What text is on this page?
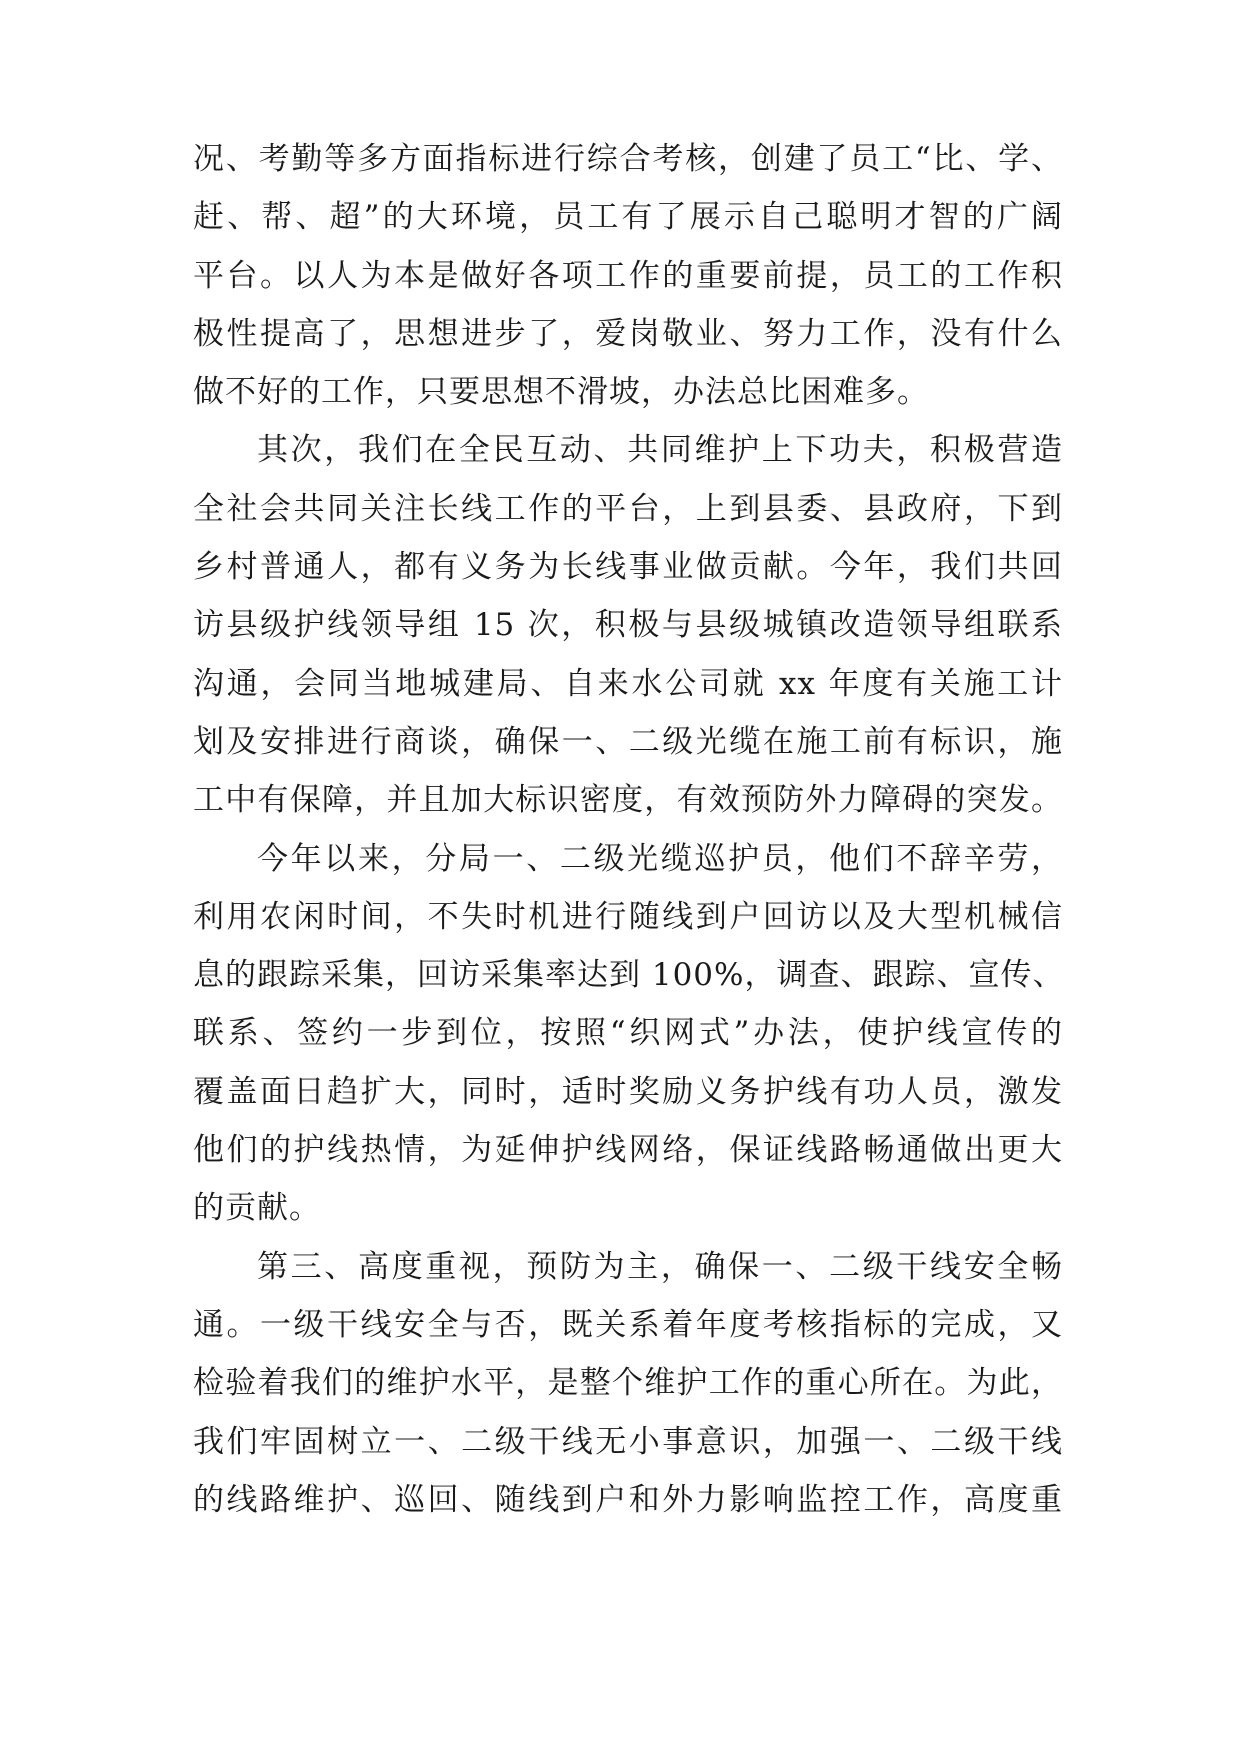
况、考勤等多方面指标进行综合考核，创建了员工“比、学、
赶、帮、超”的大环境，员工有了展示自己聪明才智的广阔
平台。以人为本是做好各项工作的重要前提，员工的工作积
极性提高了，思想进步了，爱岗敬业、努力工作，没有什么
做不好的工作，只要思想不滑坡，办法总比困难多。
其次，我们在全民互动、共同维护上下功夫，积极营造
全社会共同关注长线工作的平台，上到县委、县政府，下到
乡村普通人，都有义务为长线事业做贡献。今年，我们共回
访县级护线领导组 15 次，积极与县级城镇改造领导组联系
沟通，会同当地城建局、自来水公司就 xx 年度有关施工计
划及安排进行商谈，确保一、二级光缆在施工前有标识，施
工中有保障，并且加大标识密度，有效预防外力障碍的突发。
今年以来，分局一、二级光缆巡护员，他们不辞辛劳，
利用农闲时间，不失时机进行随线到户回访以及大型机械信
息的跟踪采集，回访采集率达到 100%，调查、跟踪、宣传、
联系、签约一步到位，按照“织网式”办法，使护线宣传的
覆盖面日趋扩大，同时，适时奖励义务护线有功人员，激发
他们的护线热情，为延伸护线网络，保证线路畅通做出更大
的贡献。
第三、高度重视，预防为主，确保一、二级干线安全畅
通。一级干线安全与否，既关系着年度考核指标的完成，又
检验着我们的维护水平，是整个维护工作的重心所在。为此，
我们牢固树立一、二级干线无小事意识，加强一、二级干线
的线路维护、巡回、随线到户和外力影响监控工作，高度重
